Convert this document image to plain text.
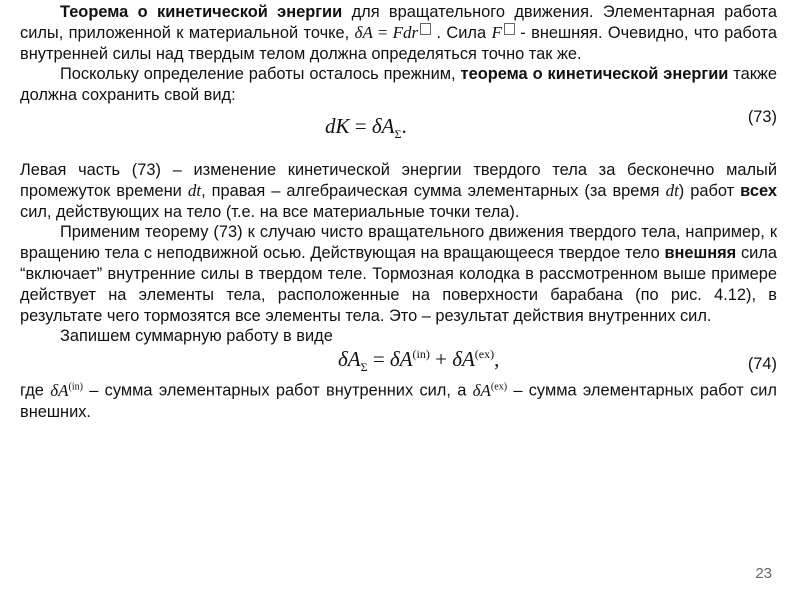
Теорема о кинетической энергии для вращательного движения. Элементарная работа силы, приложенной к материальной точке, δA = Fdr . Сила F - внешняя. Очевидно, что работа внутренней силы над твердым телом должна определяться точно так же.

Поскольку определение работы осталось прежним, теорема о кинетической энергии также должна сохранить свой вид:

dK = $\delta A_\Sigma$.	(73)

Левая часть (73) – изменение кинетической энергии твердого тела за бесконечно малый промежуток времени dt, правая – алгебраическая сумма элементарных (за время dt) работ всех сил, действующих на тело (т.е. на все материальные точки тела).

Применим теорему (73) к случаю чисто вращательного движения твердого тела, например, к вращению тела с неподвижной осью. Действующая на вращающееся твердое тело внешняя сила “включает” внутренние силы в твердом теле. Тормозная колодка в рассмотренном выше примере действует на элементы тела, расположенные на поверхности барабана (по рис. 4.12), в результате чего тормозятся все элементы тела. Это – результат действия внутренних сил.

Запишем суммарную работу в виде

$\delta A_\Sigma = \delta A^{(in)} + \delta A^{(ex)}$,	(74)

где $\delta A^{(in)}$ – сумма элементарных работ внутренних сил, а $\delta A^{(ex)}$ – сумма элементарных работ сил внешних.

23
